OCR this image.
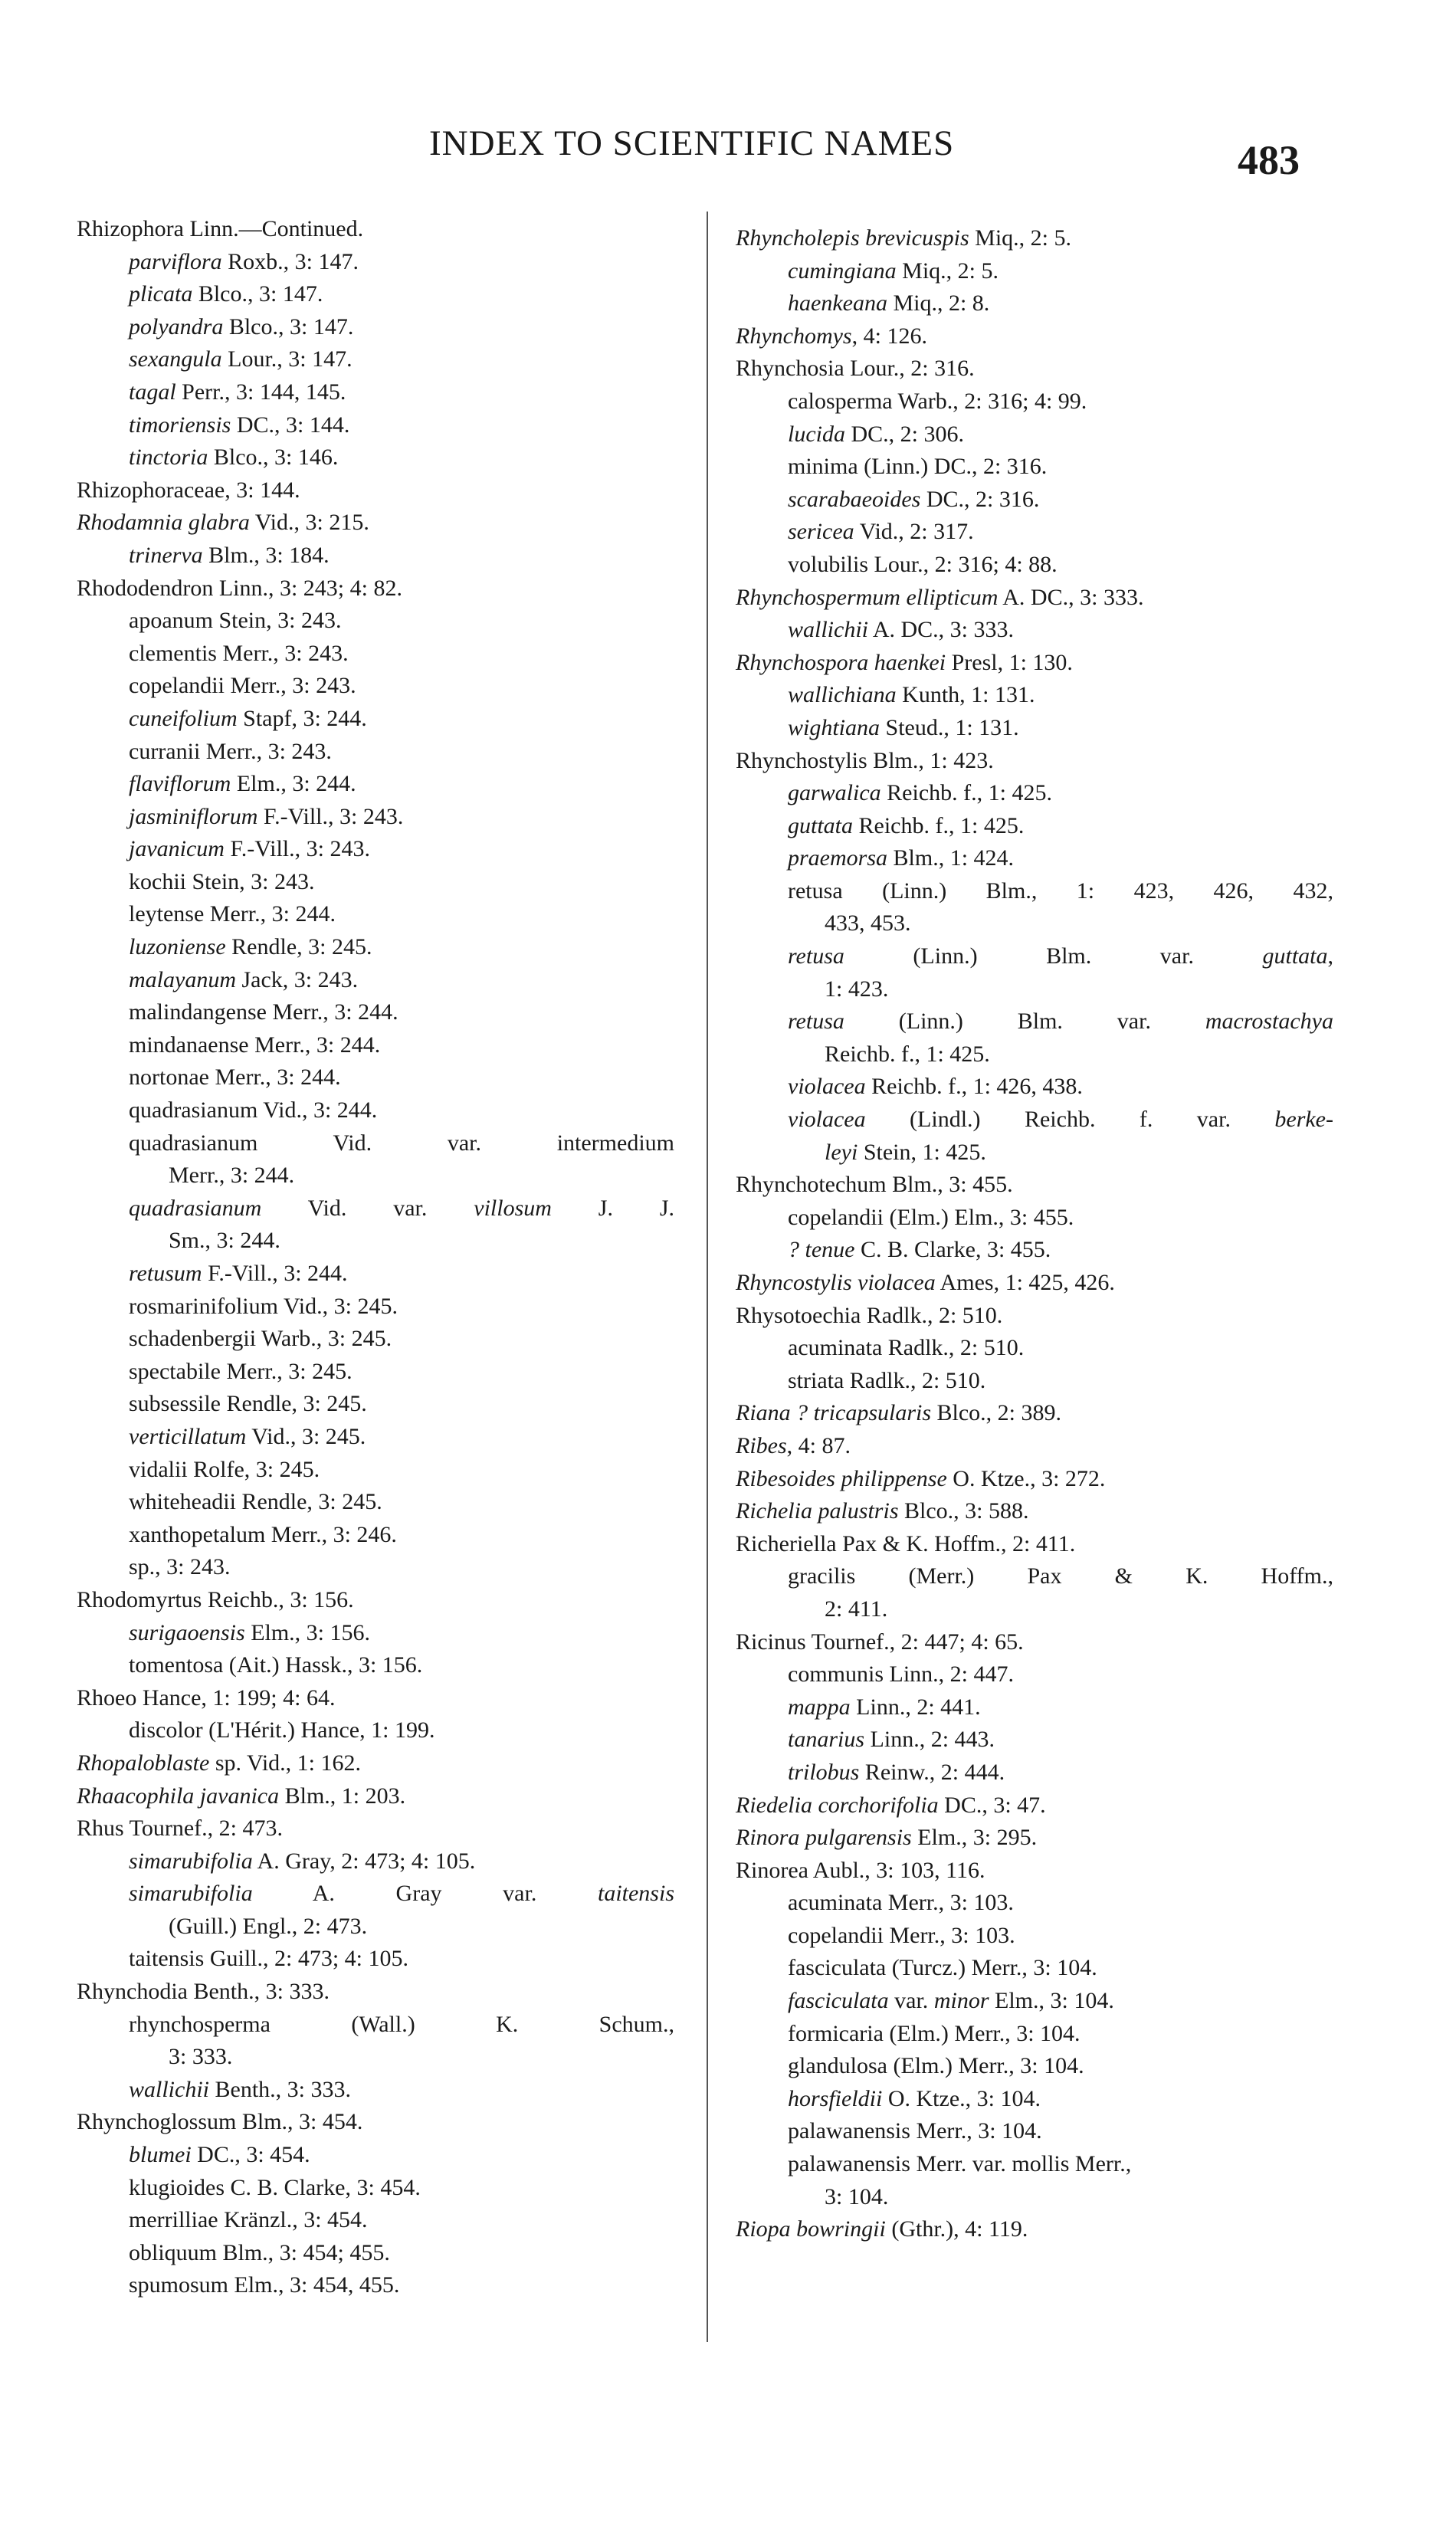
INDEX TO SCIENTIFIC NAMES	483
Rhizophora Linn.—Continued.
parviflora Roxb., 3: 147.
plicata Blco., 3: 147.
polyandra Blco., 3: 147.
sexangula Lour., 3: 147.
tagal Perr., 3: 144, 145.
timoriensis DC., 3: 144.
tinctoria Blco., 3: 146.
Rhizophoraceae, 3: 144.
Rhodamnia glabra Vid., 3: 215.
trinerva Blm., 3: 184.
Rhododendron Linn., 3: 243; 4: 82.
apoanum Stein, 3: 243.
clementis Merr., 3: 243.
copelandii Merr., 3: 243.
cuneifolium Stapf, 3: 244.
curranii Merr., 3: 243.
flaviflorum Elm., 3: 244.
jasminiflorum F.-Vill., 3: 243.
javanicum F.-Vill., 3: 243.
kochii Stein, 3: 243.
leytense Merr., 3: 244.
luzoniense Rendle, 3: 245.
malayanum Jack, 3: 243.
malindangense Merr., 3: 244.
mindanaense Merr., 3: 244.
nortonae Merr., 3: 244.
quadrasianum Vid., 3: 244.
quadrasianum Vid. var. intermedium
Merr., 3: 244.
quadrasianum Vid. var. villosum J. J.
Sm., 3: 244.
retusum F.-Vill., 3: 244.
rosmarinifolium Vid., 3: 245.
schadenbergii Warb., 3: 245.
spectabile Merr., 3: 245.
subsessile Rendle, 3: 245.
verticillatum Vid., 3: 245.
vidalii Rolfe, 3: 245.
whiteheadii Rendle, 3: 245.
xanthopetalum Merr., 3: 246.
sp., 3: 243.
Rhodomyrtus Reichb., 3: 156.
surigaoensis Elm., 3: 156.
tomentosa (Ait.) Hassk., 3: 156.
Rhoeo Hance, 1: 199; 4: 64.
discolor (L'Hérit.) Hance, 1: 199.
Rhopaloblaste sp. Vid., 1: 162.
Rhaacophila javanica Blm., 1: 203.
Rhus Tournef., 2: 473.
simarubifolia A. Gray, 2: 473; 4: 105.
simarubifolia A. Gray var. taitensis
(Guill.) Engl., 2: 473.
taitensis Guill., 2: 473; 4: 105.
Rhynchodia Benth., 3: 333.
rhynchosperma (Wall.) K. Schum.,
3: 333.
wallichii Benth., 3: 333.
Rhynchoglossum Blm., 3: 454.
blumei DC., 3: 454.
klugioides C. B. Clarke, 3: 454.
merrilliae Kränzl., 3: 454.
obliquum Blm., 3: 454; 455.
spumosum Elm., 3: 454, 455.
Rhyncholepis brevicuspis Miq., 2: 5.
cumingiana Miq., 2: 5.
haenkeana Miq., 2: 8.
Rhynchomys, 4: 126.
Rhynchosia Lour., 2: 316.
calosperma Warb., 2: 316; 4: 99.
lucida DC., 2: 306.
minima (Linn.) DC., 2: 316.
scarabaeoides DC., 2: 316.
sericea Vid., 2: 317.
volubilis Lour., 2: 316; 4: 88.
Rhynchospermum ellipticum A. DC., 3: 333.
wallichii A. DC., 3: 333.
Rhynchospora haenkei Presl, 1: 130.
wallichiana Kunth, 1: 131.
wightiana Steud., 1: 131.
Rhynchostylis Blm., 1: 423.
garwalica Reichb. f., 1: 425.
guttata Reichb. f., 1: 425.
praemorsa Blm., 1: 424.
retusa (Linn.) Blm., 1: 423, 426, 432,
433, 453.
retusa (Linn.) Blm. var. guttata,
1: 423.
retusa (Linn.) Blm. var. macrostachya
Reichb. f., 1: 425.
violacea Reichb. f., 1: 426, 438.
violacea (Lindl.) Reichb. f. var. berke-
leyi Stein, 1: 425.
Rhynchotechum Blm., 3: 455.
copelandii (Elm.) Elm., 3: 455.
? tenue C. B. Clarke, 3: 455.
Rhyncostylis violacea Ames, 1: 425, 426.
Rhysotoechia Radlk., 2: 510.
acuminata Radlk., 2: 510.
striata Radlk., 2: 510.
Riana ? tricapsularis Blco., 2: 389.
Ribes, 4: 87.
Ribesoides philippense O. Ktze., 3: 272.
Richelia palustris Blco., 3: 588.
Richeriella Pax & K. Hoffm., 2: 411.
gracilis (Merr.) Pax & K. Hoffm.,
2: 411.
Ricinus Tournef., 2: 447; 4: 65.
communis Linn., 2: 447.
mappa Linn., 2: 441.
tanarius Linn., 2: 443.
trilobus Reinw., 2: 444.
Riedelia corchorifolia DC., 3: 47.
Rinora pulgarensis Elm., 3: 295.
Rinorea Aubl., 3: 103, 116.
acuminata Merr., 3: 103.
copelandii Merr., 3: 103.
fasciculata (Turcz.) Merr., 3: 104.
fasciculata var. minor Elm., 3: 104.
formicaria (Elm.) Merr., 3: 104.
glandulosa (Elm.) Merr., 3: 104.
horsfieldii O. Ktze., 3: 104.
palawanensis Merr., 3: 104.
palawanensis Merr. var. mollis Merr.,
3: 104.
Riopa bowringii (Gthr.), 4: 119.
